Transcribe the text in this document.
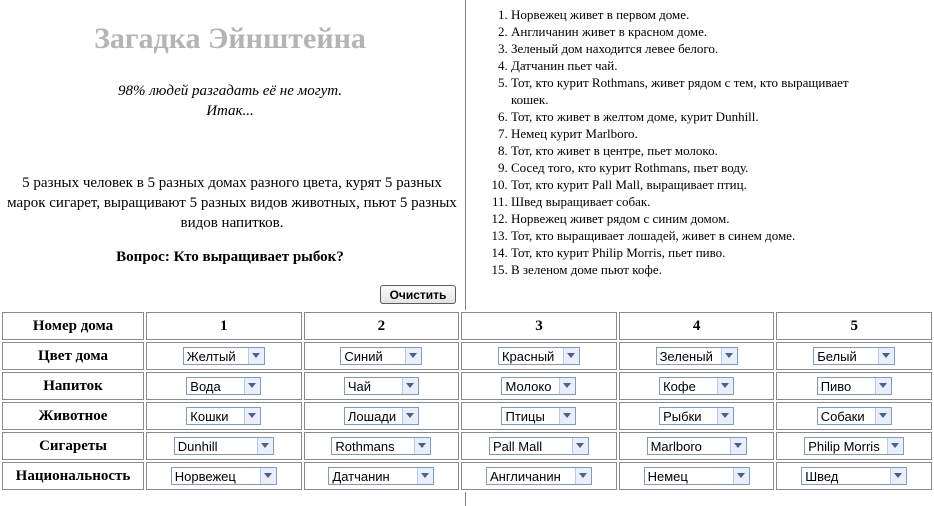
Загадка Эйнштейна
98% людей разгадать её не могут.
Итак...
5 разных человек в 5 разных домах разного цвета, курят 5 разных марок сигарет, выращивают 5 разных видов животных, пьют 5 разных видов напитков.
Вопрос: Кто выращивает рыбок?
Очистить
1. Норвежец живет в первом доме.
2. Англичанин живет в красном доме.
3. Зеленый дом находится левее белого.
4. Датчанин пьет чай.
5. Тот, кто курит Rothmans, живет рядом с тем, кто выращивает кошек.
6. Тот, кто живет в желтом доме, курит Dunhill.
7. Немец курит Marlboro.
8. Тот, кто живет в центре, пьет молоко.
9. Сосед того, кто курит Rothmans, пьет воду.
10. Тот, кто курит Pall Mall, выращивает птиц.
11. Швед выращивает собак.
12. Норвежец живет рядом с синим домом.
13. Тот, кто выращивает лошадей, живет в синем доме.
14. Тот, кто курит Philip Morris, пьет пиво.
15. В зеленом доме пьют кофе.
Номер дома	1	2	3	4	5
Цвет дома	Желтый	Синий	Красный	Зеленый	Белый

Напиток	Вода	Чай	Молоко	Кофе	Пиво

Животное	Кошки	Лошади	Птицы	Рыбки	Собаки

Сигареты	Dunhill	Rothmans	Pall Mall	Marlboro	Philip Morris

Национальность	Норвежец	Датчанин	Англичанин	Немец	Швед
